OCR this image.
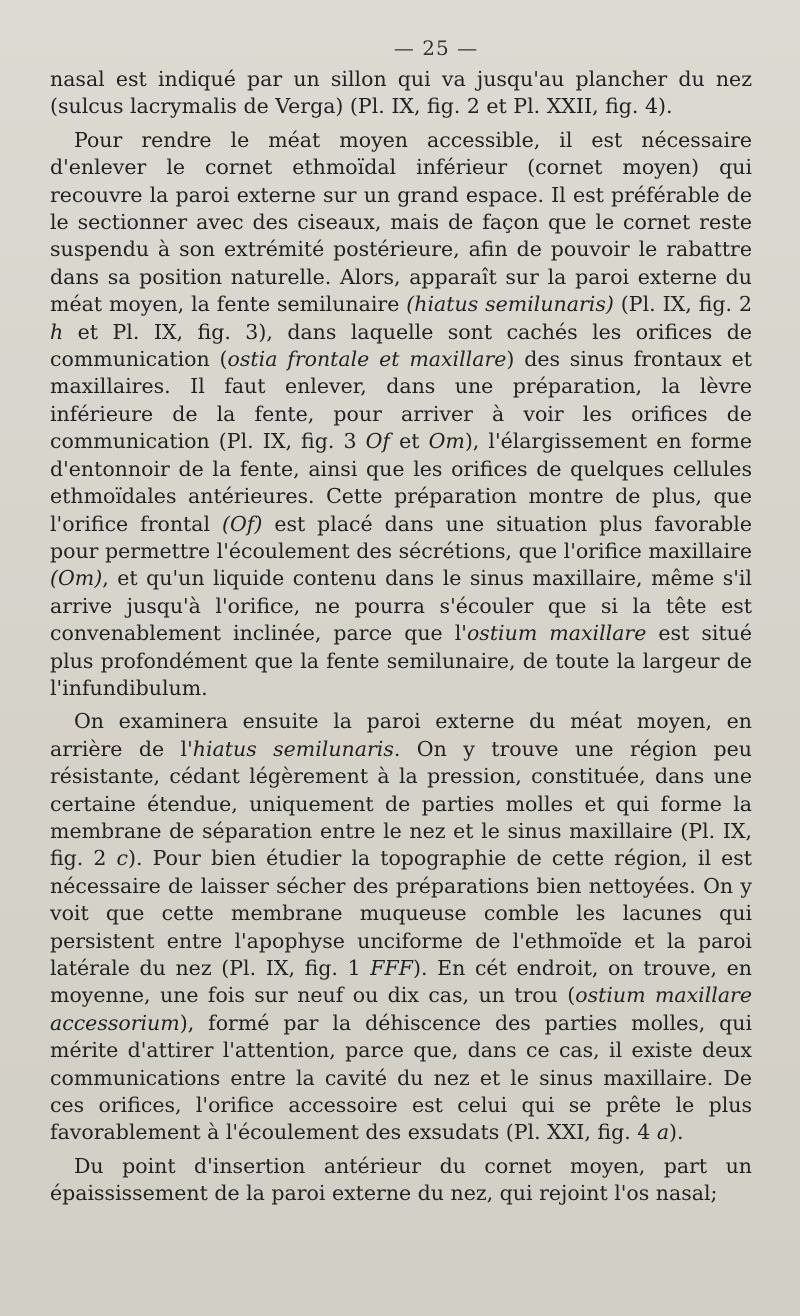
— 25 —

nasal est indiqué par un sillon qui va jusqu'au plancher du nez (sulcus lacrymalis de Verga) (Pl. IX, fig. 2 et Pl. XXII, fig. 4).

Pour rendre le méat moyen accessible, il est nécessaire d'enlever le cornet ethmoïdal inférieur (cornet moyen) qui recouvre la paroi externe sur un grand espace. Il est préférable de le sectionner avec des ciseaux, mais de façon que le cornet reste suspendu à son extrémité postérieure, afin de pouvoir le rabattre dans sa position naturelle. Alors, apparaît sur la paroi externe du méat moyen, la fente semilunaire (hiatus semilunaris) (Pl. IX, fig. 2 h et Pl. IX, fig. 3), dans laquelle sont cachés les orifices de communication (ostia frontale et maxillare) des sinus frontaux et maxillaires. Il faut enlever, dans une préparation, la lèvre inférieure de la fente, pour arriver à voir les orifices de communication (Pl. IX, fig. 3 Of et Om), l'élargissement en forme d'entonnoir de la fente, ainsi que les orifices de quelques cellules ethmoïdales antérieures. Cette préparation montre de plus, que l'orifice frontal (Of) est placé dans une situation plus favorable pour permettre l'écoulement des sécrétions, que l'orifice maxillaire (Om), et qu'un liquide contenu dans le sinus maxillaire, même s'il arrive jusqu'à l'orifice, ne pourra s'écouler que si la tête est convenablement inclinée, parce que l'ostium maxillare est situé plus profondément que la fente semilunaire, de toute la largeur de l'infundibulum.

On examinera ensuite la paroi externe du méat moyen, en arrière de l'hiatus semilunaris. On y trouve une région peu résistante, cédant légèrement à la pression, constituée, dans une certaine étendue, uniquement de parties molles et qui forme la membrane de séparation entre le nez et le sinus maxillaire (Pl. IX, fig. 2 c). Pour bien étudier la topographie de cette région, il est nécessaire de laisser sécher des préparations bien nettoyées. On y voit que cette membrane muqueuse comble les lacunes qui persistent entre l'apophyse unciforme de l'ethmoïde et la paroi latérale du nez (Pl. IX, fig. 1 FFF). En cét endroit, on trouve, en moyenne, une fois sur neuf ou dix cas, un trou (ostium maxillare accessorium), formé par la déhiscence des parties molles, qui mérite d'attirer l'attention, parce que, dans ce cas, il existe deux communications entre la cavité du nez et le sinus maxillaire. De ces orifices, l'orifice accessoire est celui qui se prête le plus favorablement à l'écoulement des exsudats (Pl. XXI, fig. 4 a).

Du point d'insertion antérieur du cornet moyen, part un épaississement de la paroi externe du nez, qui rejoint l'os nasal;
